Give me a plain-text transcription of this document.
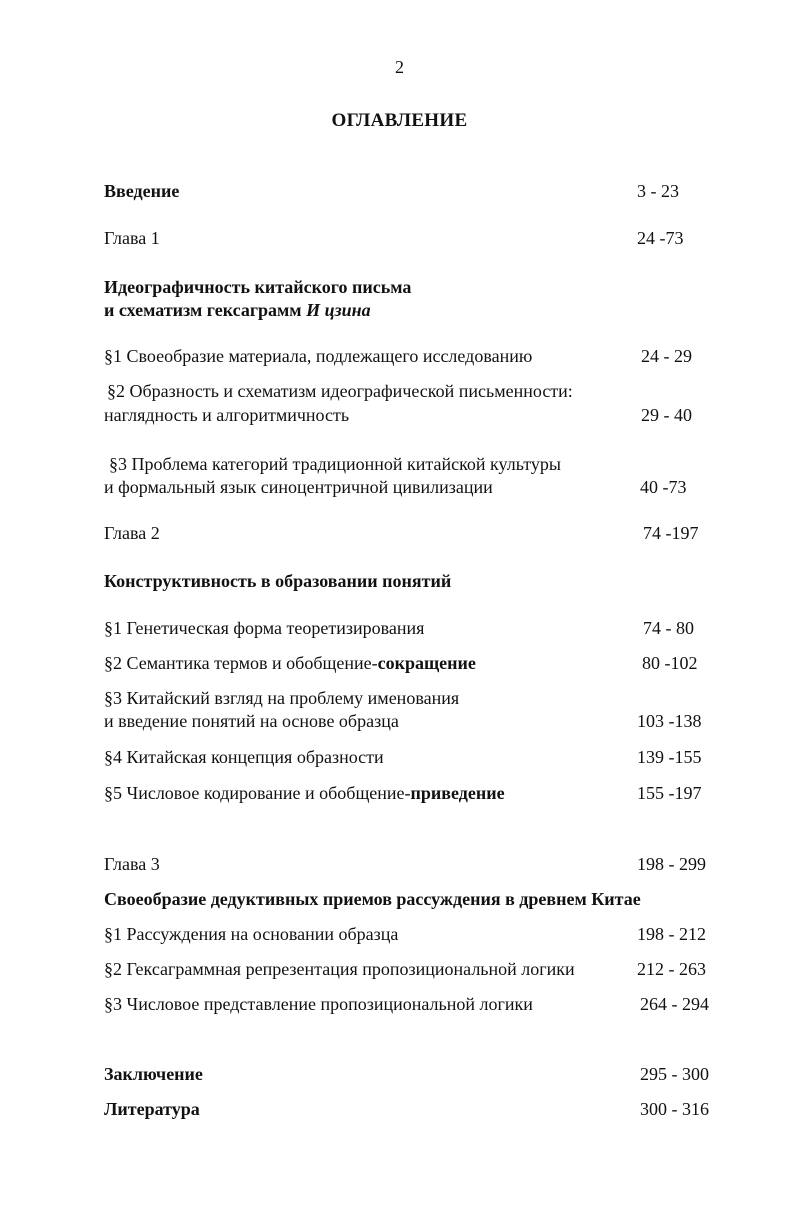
2
ОГЛАВЛЕНИЕ
Введение	3 - 23
Глава 1	24 -73
Идеографичность китайского письма
и схематизм гексаграмм И цзина
§1 Своеобразие материала, подлежащего исследованию	24 - 29
§2 Образность и схематизм идеографической письменности:
наглядность и алгоритмичность	29 - 40
§3 Проблема категорий традиционной китайской культуры
и формальный язык синоцентричной цивилизации	40 -73
Глава 2	74 -197
Конструктивность в образовании понятий
§1 Генетическая форма теоретизирования	74 - 80
§2 Семантика термов и обобщение-сокращение	80 -102
§3 Китайский взгляд на проблему именования
и введение понятий на основе образца	103 -138
§4 Китайская концепция образности	139 -155
§5 Числовое кодирование и обобщение-приведение	155 -197
Глава 3	198 - 299
Своеобразие дедуктивных приемов рассуждения в древнем Китае
§1 Рассуждения на основании образца	198 - 212
§2 Гексаграммная репрезентация пропозициональной логики	212 - 263
§3 Числовое представление пропозициональной логики	264 - 294
Заключение	295 - 300
Литература	300 - 316
